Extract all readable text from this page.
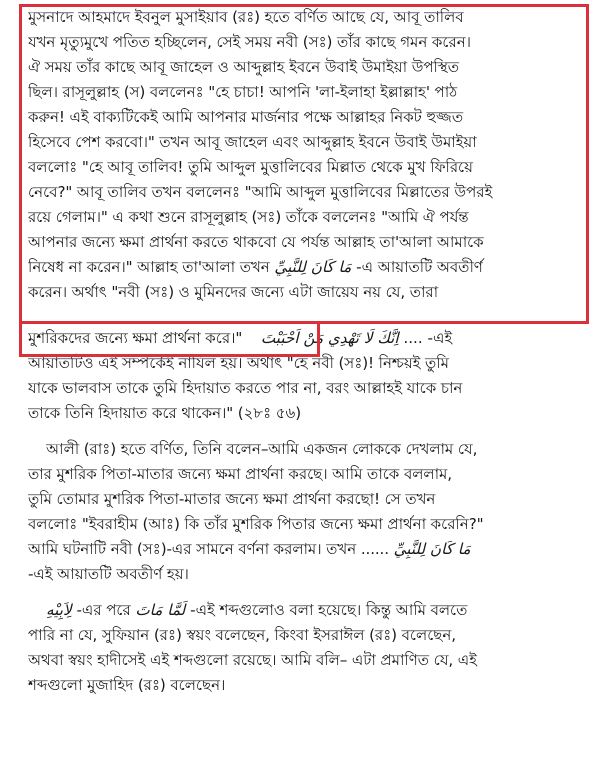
মুসনাদে আহমাদে ইবনুল মুসাইয়াব (রঃ) হতে বর্ণিত আছে যে, আবূ তালিব
যখন মৃত্যুমুখে পতিত হচ্ছিলেন, সেই সময় নবী (সঃ) তাঁর কাছে গমন করেন।
ঐ সময় তাঁর কাছে আবূ জাহেল ও আব্দুল্লাহ ইবনে উবাই উমাইয়া উপস্থিত
ছিল। রাসূলুল্লাহ (স) বললেনঃ "হে চাচা! আপনি 'লা-ইলাহা ইল্লাল্লাহ' পাঠ
করুন! এই বাক্যটিকেই আমি আপনার মার্জনার পক্ষে আল্লাহর নিকট হুজ্জত
হিসেবে পেশ করবো।" তখন আবূ জাহেল এবং আব্দুল্লাহ ইবনে উবাই উমাইয়া
বললোঃ "হে আবূ তালিব! তুমি আব্দুল মুত্তালিবের মিল্লাত থেকে মুখ ফিরিয়ে
নেবে?" আবূ তালিব তখন বললেনঃ "আমি আব্দুল মুত্তালিবের মিল্লাতের উপরই
রয়ে গেলাম।" এ কথা শুনে রাসূলুল্লাহ (সঃ) তাঁকে বললেনঃ "আমি ঐ পর্যন্ত
আপনার জন্যে ক্ষমা প্রার্থনা করতে থাকবো যে পর্যন্ত আল্লাহ তা'আলা আমাকে
নিষেধ না করেন।" আল্লাহ তা'আলা তখন مَا كَانَ لِلنَّبِيِّ -এ আয়াতটি অবতীর্ণ
করেন। অর্থাৎ "নবী (সঃ) ও মুমিনদের জন্যে এটা জায়েয নয় যে, তারা
মুশরিকদের জন্যে ক্ষমা প্রার্থনা করে।" اِنَّكَ لَا تَهْدِي مَنْ اَحْبَبْتَ .... -এই
আয়াতটিও এই সম্পর্কেই নাযিল হয়। অর্থাৎ "হে নবী (সঃ)! নিশ্চয়ই তুমি
যাকে ভালবাস তাকে তুমি হিদায়াত করতে পার না, বরং আল্লাহই যাকে চান
তাকে তিনি হিদায়াত করে থাকেন।" (২৮ঃ ৫৬)
আলী (রাঃ) হতে বর্ণিত, তিনি বলেন–আমি একজন লোককে দেখলাম যে,
তার মুশরিক পিতা-মাতার জন্যে ক্ষমা প্রার্থনা করছে। আমি তাকে বললাম,
তুমি তোমার মুশরিক পিতা-মাতার জন্যে ক্ষমা প্রার্থনা করছো! সে তখন
বললোঃ "ইবরাহীম (আঃ) কি তাঁর মুশরিক পিতার জন্যে ক্ষমা প্রার্থনা করেনি?"
আমি ঘটনাটি নবী (সঃ)-এর সামনে বর্ণনা করলাম। তখন ...... مَا كَانَ لِلنَّبِيِّ
-এই আয়াতটি অবতীর্ণ হয়।
لِاَبِيْهِ -এর পরে لَمَّا مَاتَ -এই শব্দগুলোও বলা হয়েছে। কিন্তু আমি বলতে
পারি না যে, সুফিয়ান (রঃ) স্বয়ং বলেছেন, কিংবা ইসরাঈল (রঃ) বলেছেন,
অথবা স্বয়ং হাদীসেই এই শব্দগুলো রয়েছে। আমি বলি– এটা প্রমাণিত যে, এই
শব্দগুলো মুজাহিদ (রঃ) বলেছেন।
